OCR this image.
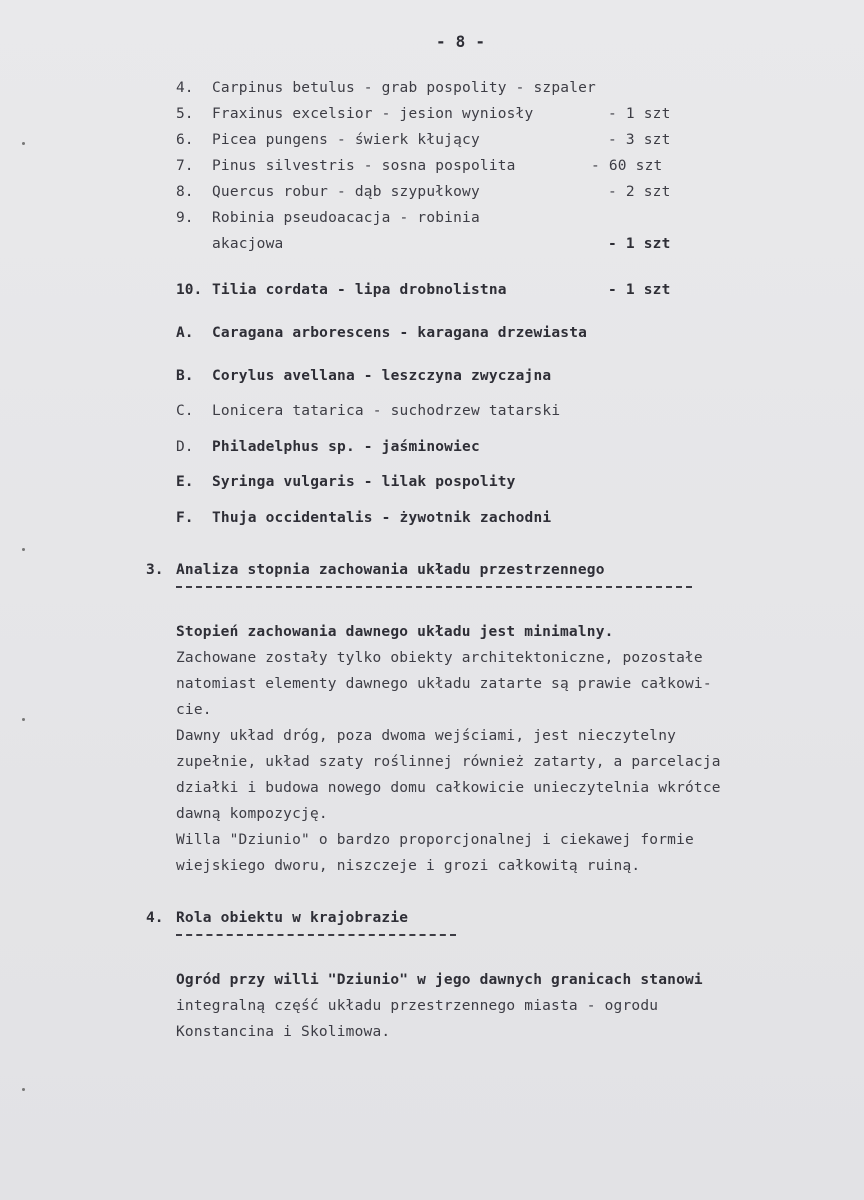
- 8 -
4. Carpinus betulus - grab pospolity - szpaler
5. Fraxinus excelsior - jesion wyniosły	- 1 szt
6. Picea pungens - świerk kłujący	- 3 szt
7. Pinus silvestris - sosna pospolita	- 60 szt
8. Quercus robur - dąb szypułkowy	- 2 szt
9. Robinia pseudoacacja - robinia
akacjowa	- 1 szt
10. Tilia cordata - lipa drobnolistna	- 1 szt
A. Caragana arborescens - karagana drzewiasta
B. Corylus avellana - leszczyna zwyczajna
C. Lonicera tatarica - suchodrzew tatarski
D. Philadelphus sp. - jaśminowiec
E. Syringa vulgaris - lilak pospolity
F. Thuja occidentalis - żywotnik zachodni
3. Analiza stopnia zachowania układu przestrzennego
Stopień zachowania dawnego układu jest minimalny.
Zachowane zostały tylko obiekty architektoniczne, pozostałe
natomiast elementy dawnego układu zatarte są prawie całkowi-
cie.
Dawny układ dróg, poza dwoma wejściami, jest nieczytelny
zupełnie, układ szaty roślinnej również zatarty, a parcelacja
działki i budowa nowego domu całkowicie unieczytelnia wkrótce
dawną kompozycję.
Willa "Dziunio" o bardzo proporcjonalnej i ciekawej formie
wiejskiego dworu, niszczeje i grozi całkowitą ruiną.
4. Rola obiektu w krajobrazie
Ogród przy willi "Dziunio" w jego dawnych granicach stanowi
integralną część układu przestrzennego miasta - ogrodu
Konstancina i Skolimowa.
